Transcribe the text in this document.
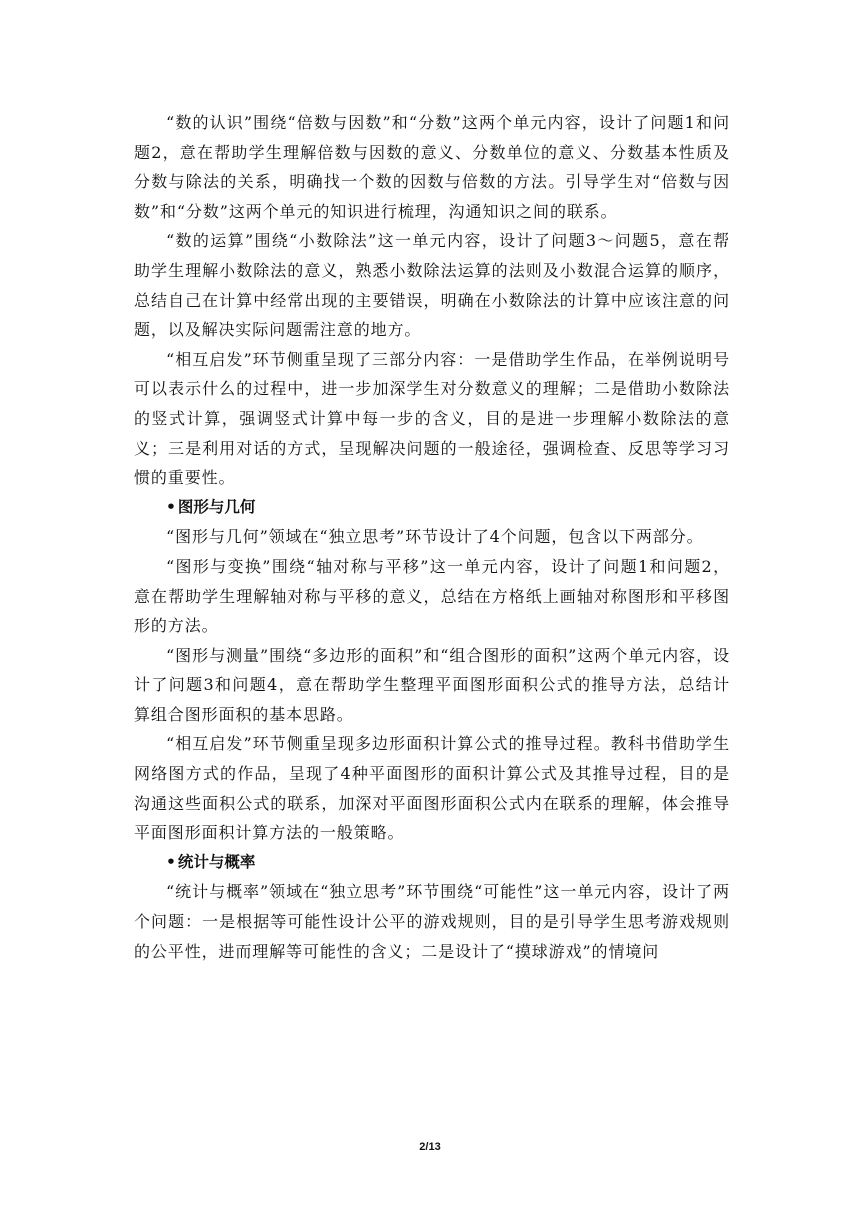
“数的认识”围绕“倍数与因数”和“分数”这两个单元内容，设计了问题1和问题2，意在帮助学生理解倍数与因数的意义、分数单位的意义、分数基本性质及分数与除法的关系，明确找一个数的因数与倍数的方法。引导学生对“倍数与因数”和“分数”这两个单元的知识进行梳理，沟通知识之间的联系。

“数的运算”围绕“小数除法”这一单元内容，设计了问题3～问题5，意在帮助学生理解小数除法的意义，熟悉小数除法运算的法则及小数混合运算的顺序，总结自己在计算中经常出现的主要错误，明确在小数除法的计算中应该注意的问题，以及解决实际问题需注意的地方。

“相互启发”环节侧重呈现了三部分内容：一是借助学生作品，在举例说明号可以表示什么的过程中，进一步加深学生对分数意义的理解；二是借助小数除法的竖式计算，强调竖式计算中每一步的含义，目的是进一步理解小数除法的意义；三是利用对话的方式，呈现解决问题的一般途径，强调检查、反思等学习习惯的重要性。

• 图形与几何

“图形与几何”领域在“独立思考”环节设计了4个问题，包含以下两部分。

“图形与变换”围绕“轴对称与平移”这一单元内容，设计了问题1和问题2，意在帮助学生理解轴对称与平移的意义，总结在方格纸上画轴对称图形和平移图形的方法。

“图形与测量”围绕“多边形的面积”和“组合图形的面积”这两个单元内容，设计了问题3和问题4，意在帮助学生整理平面图形面积公式的推导方法，总结计算组合图形面积的基本思路。

“相互启发”环节侧重呈现多边形面积计算公式的推导过程。教科书借助学生网络图方式的作品，呈现了4种平面图形的面积计算公式及其推导过程，目的是沟通这些面积公式的联系，加深对平面图形面积公式内在联系的理解，体会推导平面图形面积计算方法的一般策略。

• 统计与概率

“统计与概率”领域在“独立思考”环节围绕“可能性”这一单元内容，设计了两个问题：一是根据等可能性设计公平的游戏规则，目的是引导学生思考游戏规则的公平性，进而理解等可能性的含义；二是设计了“摸球游戏”的情境问

2/13
